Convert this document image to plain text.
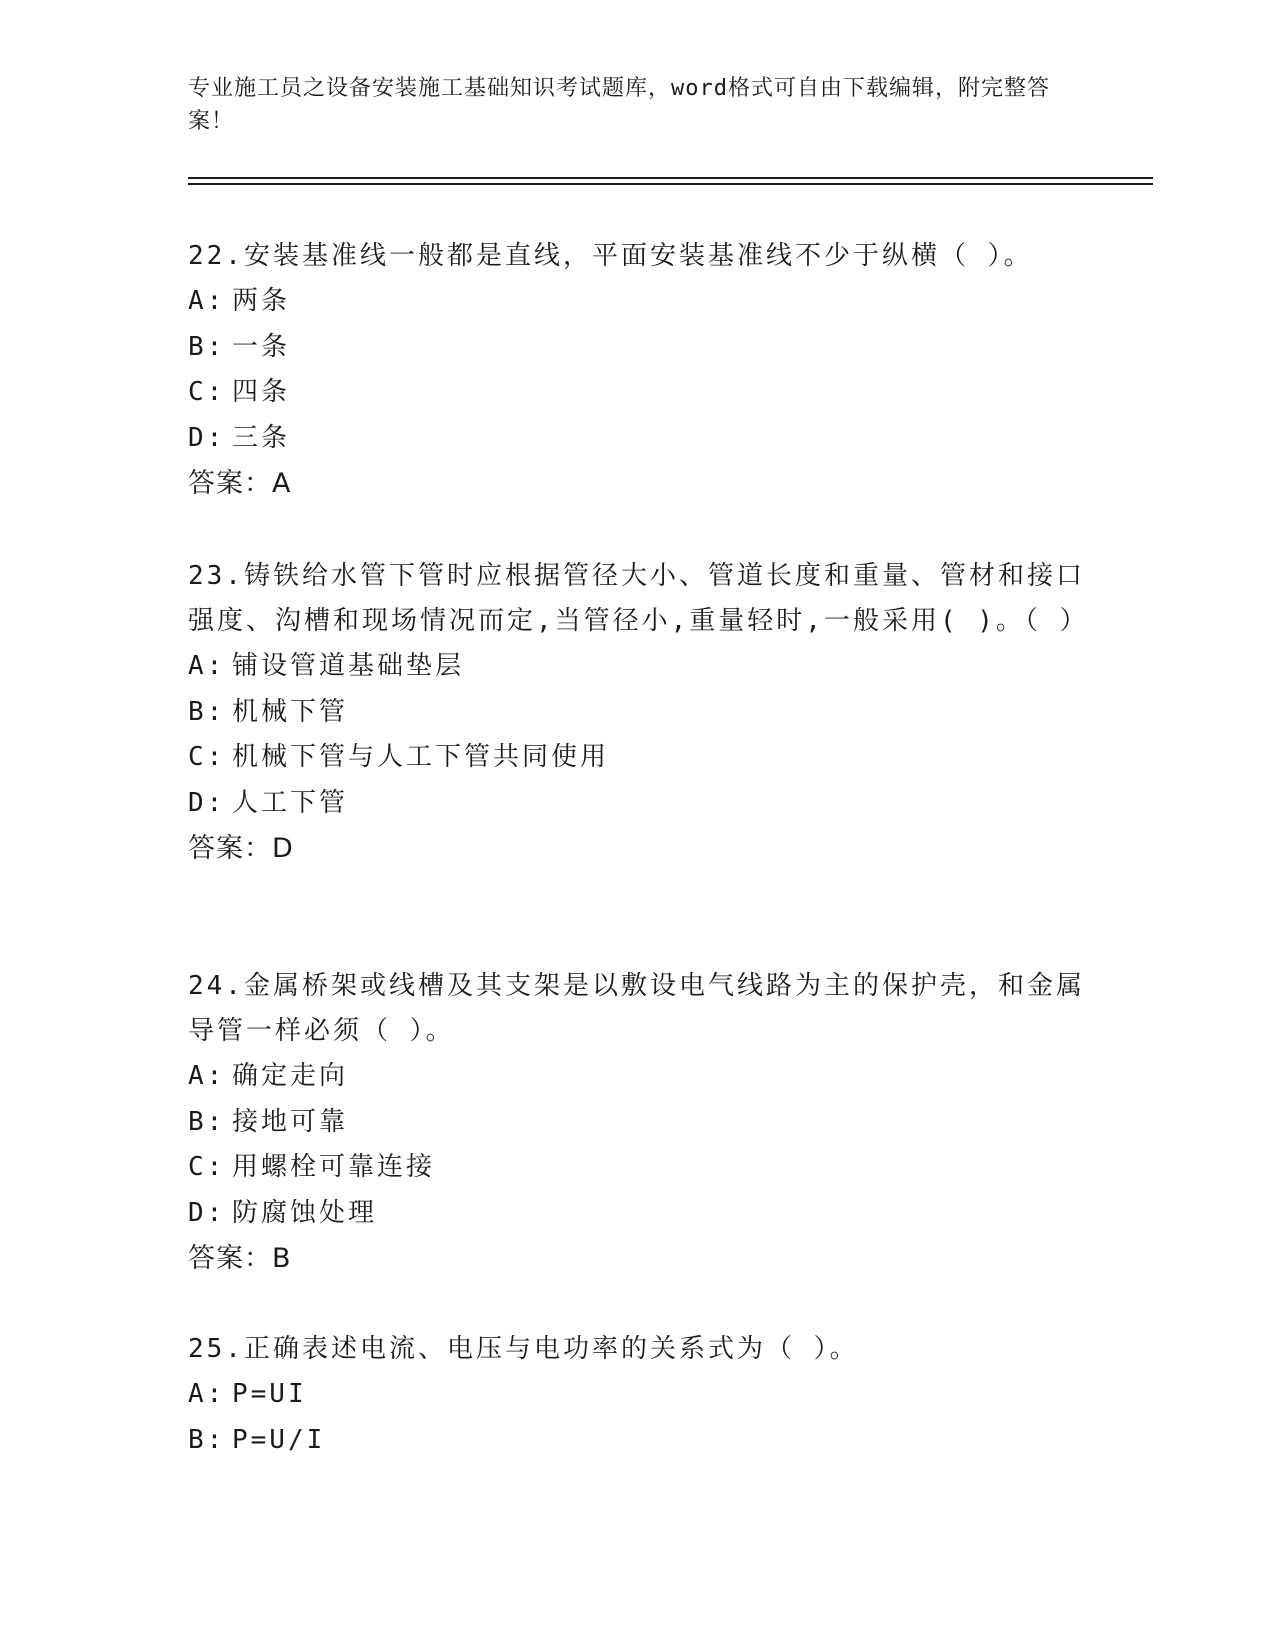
专业施工员之设备安装施工基础知识考试题库，word格式可自由下载编辑，附完整答案！
22.安装基准线一般都是直线，平面安装基准线不少于纵横（ ）。
A: 两条
B: 一条
C: 四条
D: 三条
答案：A
23.铸铁给水管下管时应根据管径大小、管道长度和重量、管材和接口强度、沟槽和现场情况而定,当管径小,重量轻时,一般采用( )。（ ）
A: 铺设管道基础垫层
B: 机械下管
C: 机械下管与人工下管共同使用
D: 人工下管
答案：D
24.金属桥架或线槽及其支架是以敷设电气线路为主的保护壳，和金属导管一样必须（ ）。
A: 确定走向
B: 接地可靠
C: 用螺栓可靠连接
D: 防腐蚀处理
答案：B
25.正确表述电流、电压与电功率的关系式为（ ）。
A: P=UI
B: P=U/I
